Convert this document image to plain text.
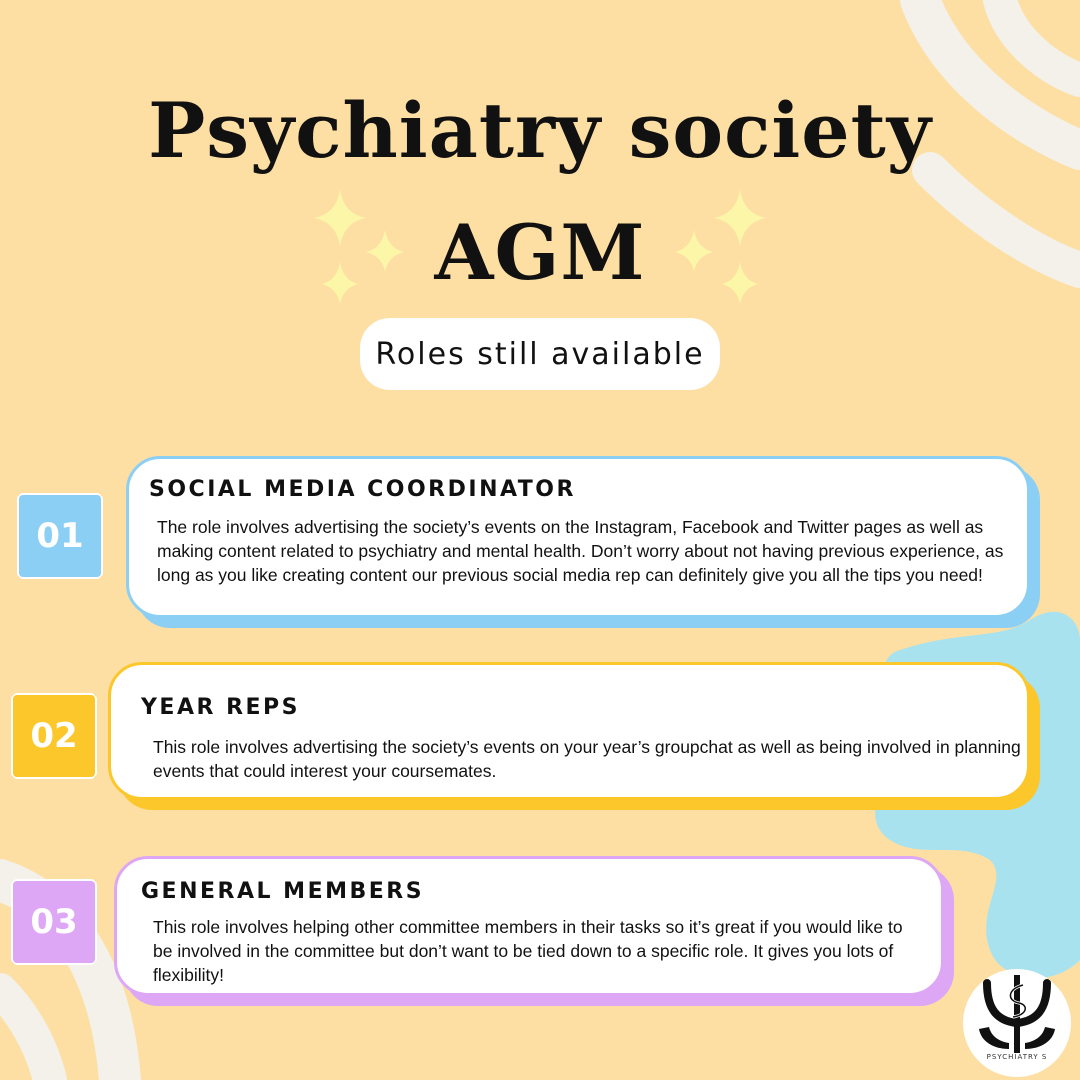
Psychiatry society
AGM
Roles still available
SOCIAL MEDIA COORDINATOR

The role involves advertising the society’s events on the Instagram, Facebook and Twitter pages as well as making content related to psychiatry and mental health. Don’t worry about not having previous experience, as long as you like creating content our previous social media rep can definitely give you all the tips you need!

01
YEAR REPS

This role involves advertising the society’s events on your year’s groupchat as well as being involved in planning events that could interest your coursemates.

02
GENERAL MEMBERS

This role involves helping other committee members in their tasks so it’s great if you would like to be involved in the committee but don’t want to be tied down to a specific role. It gives you lots of flexibility!

03
PSYCHIATRY S
